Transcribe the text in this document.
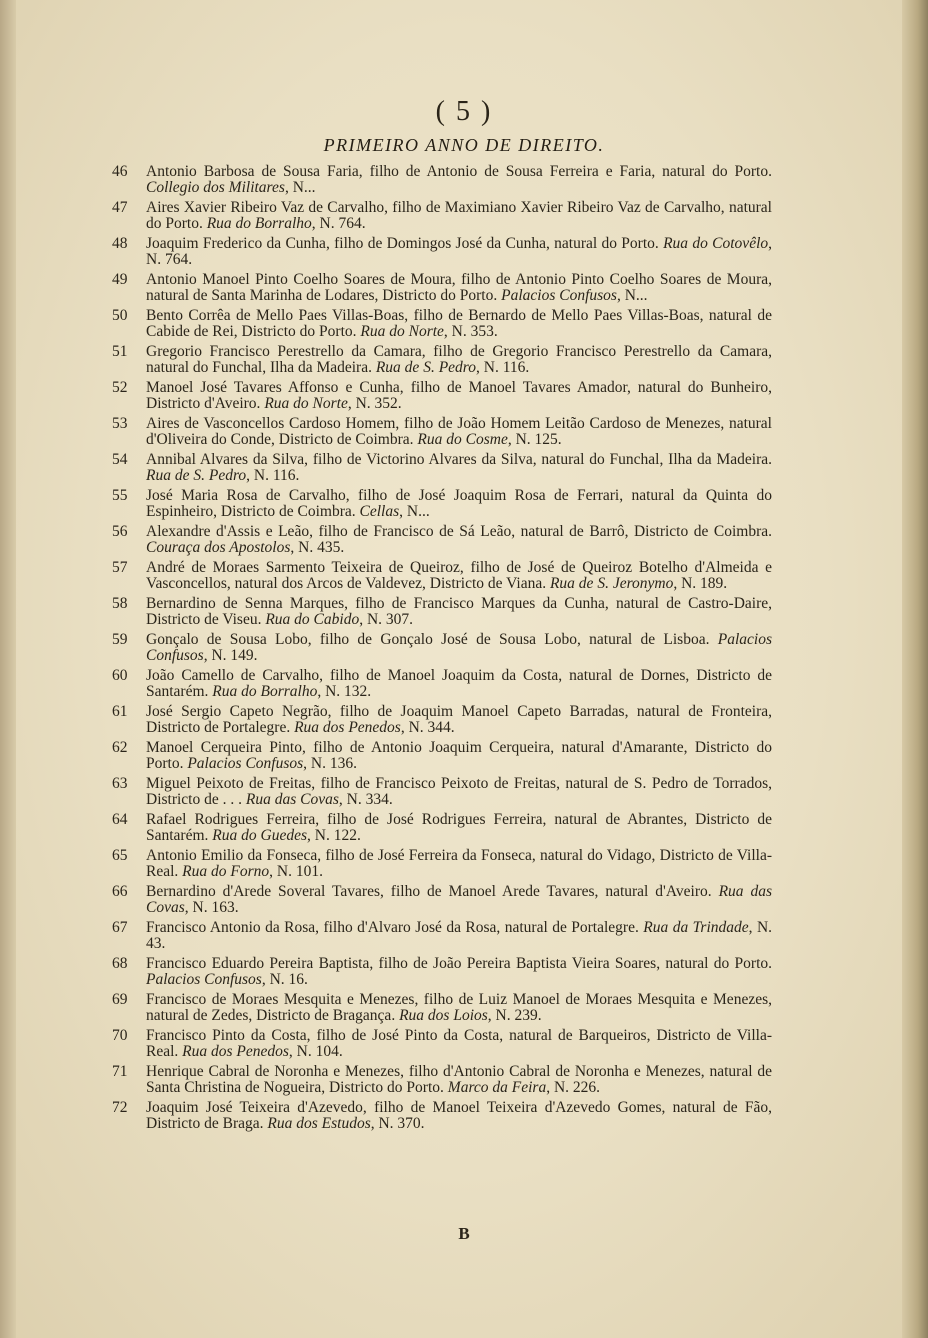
( 5 )
PRIMEIRO ANNO DE DIREITO.
46	Antonio Barbosa de Sousa Faria, filho de Antonio de Sousa Ferreira e Faria, natural do Porto. Collegio dos Militares, N...
47	Aires Xavier Ribeiro Vaz de Carvalho, filho de Maximiano Xavier Ribeiro Vaz de Carvalho, natural do Porto. Rua do Borralho, N. 764.
48	Joaquim Frederico da Cunha, filho de Domingos José da Cunha, natural do Porto. Rua do Cotovêlo, N. 764.
49	Antonio Manoel Pinto Coelho Soares de Moura, filho de Antonio Pinto Coelho Soares de Moura, natural de Santa Marinha de Lodares, Districto do Porto. Palacios Confusos, N...
50	Bento Corrêa de Mello Paes Villas-Boas, filho de Bernardo de Mello Paes Villas-Boas, natural de Cabide de Rei, Districto do Porto. Rua do Norte, N. 353.
51	Gregorio Francisco Perestrello da Camara, filho de Gregorio Francisco Perestrello da Camara, natural do Funchal, Ilha da Madeira. Rua de S. Pedro, N. 116.
52	Manoel José Tavares Affonso e Cunha, filho de Manoel Tavares Amador, natural do Bunheiro, Districto d'Aveiro. Rua do Norte, N. 352.
53	Aires de Vasconcellos Cardoso Homem, filho de João Homem Leitão Cardoso de Menezes, natural d'Oliveira do Conde, Districto de Coimbra. Rua do Cosme, N. 125.
54	Annibal Alvares da Silva, filho de Victorino Alvares da Silva, natural do Funchal, Ilha da Madeira. Rua de S. Pedro, N. 116.
55	José Maria Rosa de Carvalho, filho de José Joaquim Rosa de Ferrari, natural da Quinta do Espinheiro, Districto de Coimbra. Cellas, N...
56	Alexandre d'Assis e Leão, filho de Francisco de Sá Leão, natural de Barrô, Districto de Coimbra. Couraça dos Apostolos, N. 435.
57	André de Moraes Sarmento Teixeira de Queiroz, filho de José de Queiroz Botelho d'Almeida e Vasconcellos, natural dos Arcos de Valdevez, Districto de Viana. Rua de S. Jeronymo, N. 189.
58	Bernardino de Senna Marques, filho de Francisco Marques da Cunha, natural de Castro-Daire, Districto de Viseu. Rua do Cabido, N. 307.
59	Gonçalo de Sousa Lobo, filho de Gonçalo José de Sousa Lobo, natural de Lisboa. Palacios Confusos, N. 149.
60	João Camello de Carvalho, filho de Manoel Joaquim da Costa, natural de Dornes, Districto de Santarém. Rua do Borralho, N. 132.
61	José Sergio Capeto Negrão, filho de Joaquim Manoel Capeto Barradas, natural de Fronteira, Districto de Portalegre. Rua dos Penedos, N. 344.
62	Manoel Cerqueira Pinto, filho de Antonio Joaquim Cerqueira, natural d'Amarante, Districto do Porto. Palacios Confusos, N. 136.
63	Miguel Peixoto de Freitas, filho de Francisco Peixoto de Freitas, natural de S. Pedro de Torrados, Districto de . . . Rua das Covas, N. 334.
64	Rafael Rodrigues Ferreira, filho de José Rodrigues Ferreira, natural de Abrantes, Districto de Santarém. Rua do Guedes, N. 122.
65	Antonio Emilio da Fonseca, filho de José Ferreira da Fonseca, natural do Vidago, Districto de Villa-Real. Rua do Forno, N. 101.
66	Bernardino d'Arede Soveral Tavares, filho de Manoel Arede Tavares, natural d'Aveiro. Rua das Covas, N. 163.
67	Francisco Antonio da Rosa, filho d'Alvaro José da Rosa, natural de Portalegre. Rua da Trindade, N. 43.
68	Francisco Eduardo Pereira Baptista, filho de João Pereira Baptista Vieira Soares, natural do Porto. Palacios Confusos, N. 16.
69	Francisco de Moraes Mesquita e Menezes, filho de Luiz Manoel de Moraes Mesquita e Menezes, natural de Zedes, Districto de Bragança. Rua dos Loios, N. 239.
70	Francisco Pinto da Costa, filho de José Pinto da Costa, natural de Barqueiros, Districto de Villa-Real. Rua dos Penedos, N. 104.
71	Henrique Cabral de Noronha e Menezes, filho d'Antonio Cabral de Noronha e Menezes, natural de Santa Christina de Nogueira, Districto do Porto. Marco da Feira, N. 226.
72	Joaquim José Teixeira d'Azevedo, filho de Manoel Teixeira d'Azevedo Gomes, natural de Fão, Districto de Braga. Rua dos Estudos, N. 370.
B
